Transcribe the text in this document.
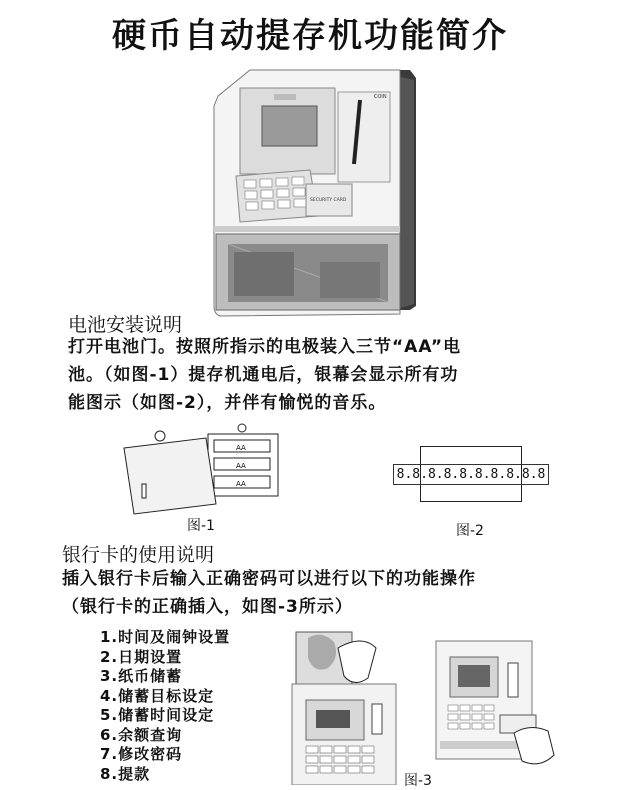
硬币自动提存机功能简介
COIN
SECURITY CARD
电池安装说明
打开电池门。按照所指示的电极装入三节“AA”电
池。（如图-1）提存机通电后，银幕会显示所有功
能图示（如图-2），并伴有愉悦的音乐。
AA
AA
AA
图-1
8.8.8.8.8.8.8.8.8.8
图-2
银行卡的使用说明
插入银行卡后输入正确密码可以进行以下的功能操作
（银行卡的正确插入，如图-3所示）
1.时间及闹钟设置
2.日期设置
3.纸币储蓄
4.储蓄目标设定
5.储蓄时间设定
6.余额查询
7.修改密码
8.提款	图-3
